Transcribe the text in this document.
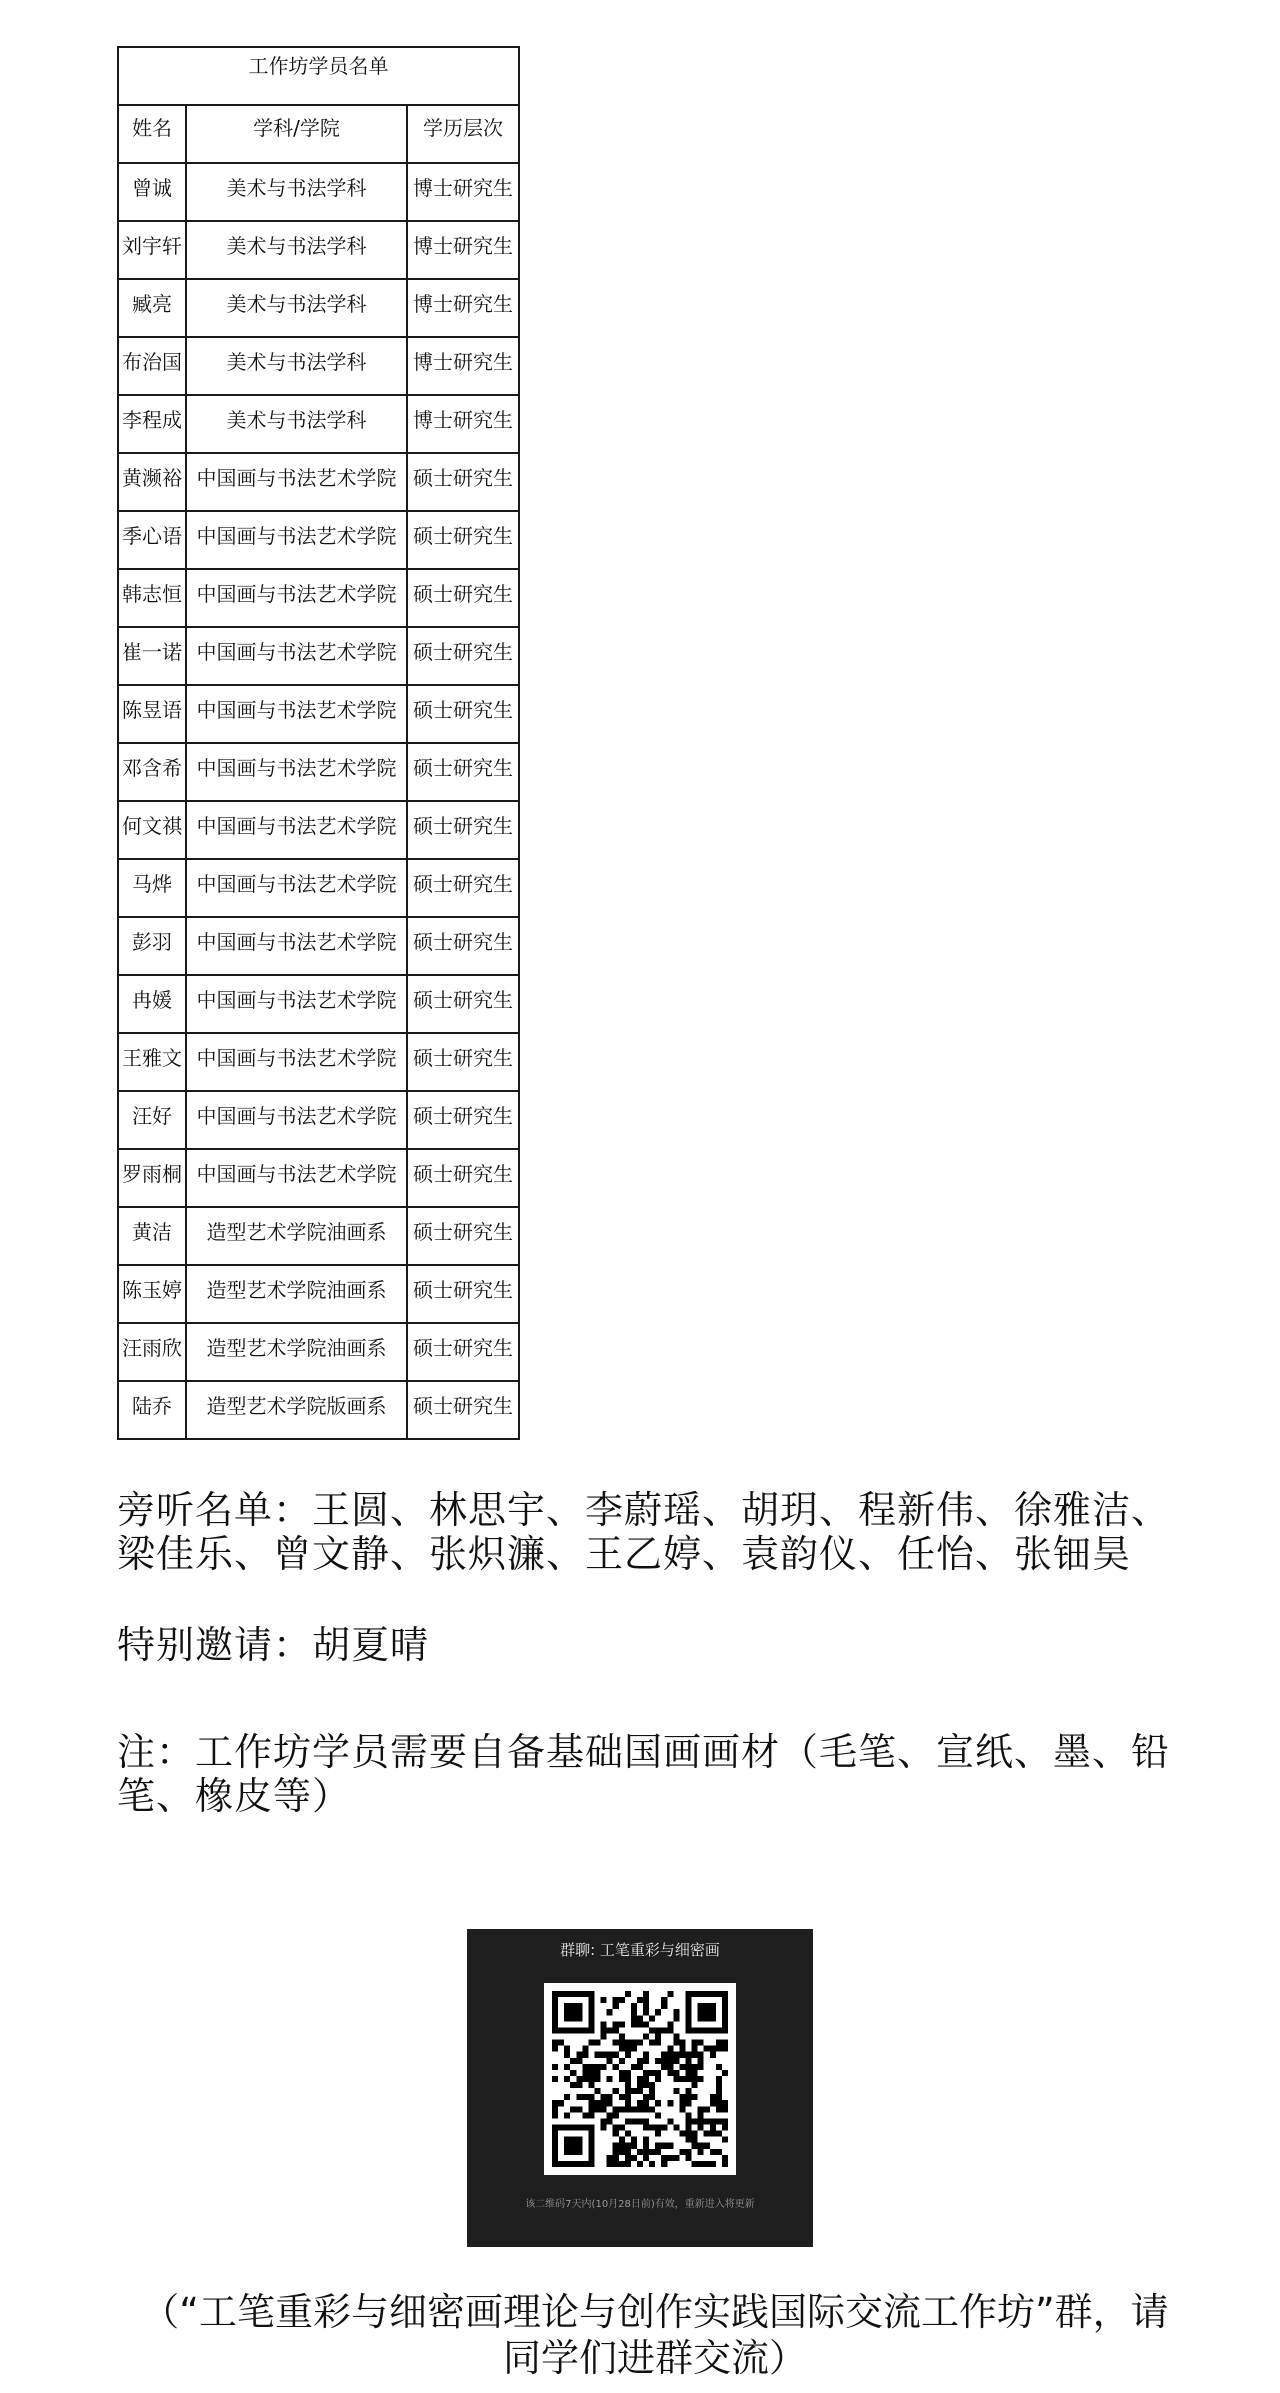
工作坊学员名单		

姓名	学科/学院	学历层次

曾诚	美术与书法学科	博士研究生

刘宇轩	美术与书法学科	博士研究生

臧亮	美术与书法学科	博士研究生

布治国	美术与书法学科	博士研究生

李程成	美术与书法学科	博士研究生

黄濒裕	中国画与书法艺术学院	硕士研究生

季心语	中国画与书法艺术学院	硕士研究生

韩志恒	中国画与书法艺术学院	硕士研究生

崔一诺	中国画与书法艺术学院	硕士研究生

陈昱语	中国画与书法艺术学院	硕士研究生

邓含希	中国画与书法艺术学院	硕士研究生

何文祺	中国画与书法艺术学院	硕士研究生

马烨	中国画与书法艺术学院	硕士研究生

彭羽	中国画与书法艺术学院	硕士研究生

冉媛	中国画与书法艺术学院	硕士研究生

王雅文	中国画与书法艺术学院	硕士研究生

汪好	中国画与书法艺术学院	硕士研究生

罗雨桐	中国画与书法艺术学院	硕士研究生

黄洁	造型艺术学院油画系	硕士研究生

陈玉婷	造型艺术学院油画系	硕士研究生

汪雨欣	造型艺术学院油画系	硕士研究生

陆乔	造型艺术学院版画系	硕士研究生

旁听名单：王圆、林思宇、李蔚瑶、胡玥、程新伟、徐雅洁、梁佳乐、曾文静、张炽濂、王乙婷、袁韵仪、任怡、张钿昊

特别邀请：胡夏晴

注：工作坊学员需要自备基础国画画材（毛笔、宣纸、墨、铅笔、橡皮等）

群聊: 工笔重彩与细密画
该二维码7天内(10月28日前)有效，重新进入将更新

（“工笔重彩与细密画理论与创作实践国际交流工作坊”群，请同学们进群交流）
